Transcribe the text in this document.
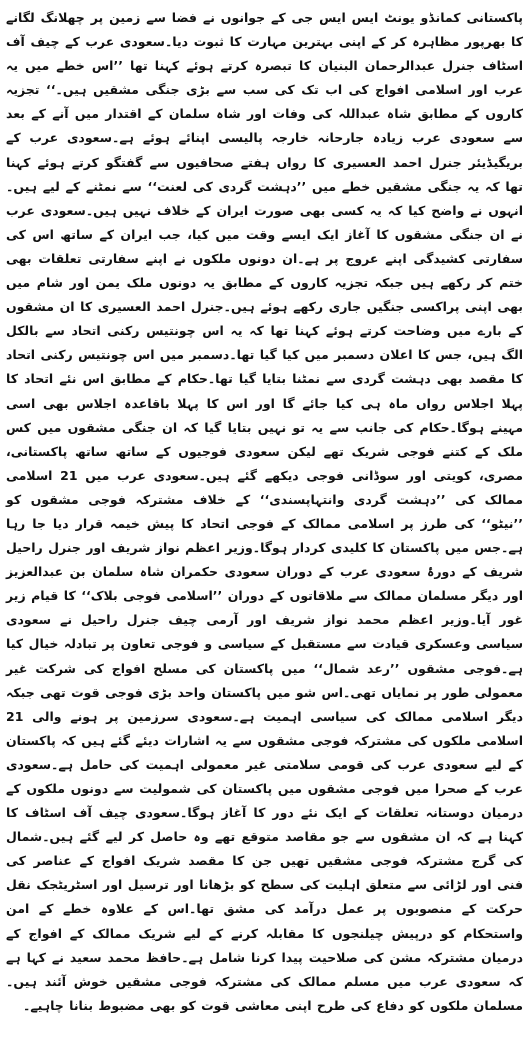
پاکستانی کمانڈو یونٹ ایس ایس جی کے جوانوں نے فضا سے زمین پر چھلانگ لگانے کا بھرپور مظاہرہ کر کے اپنی بہترین مہارت کا ثبوت دیا۔سعودی عرب کے چیف آف اسٹاف جنرل عبدالرحمان البنیان کا تبصرہ کرتے ہوئے کہنا تھا ’’اس خطے میں یہ عرب اور اسلامی افواج کی اب تک کی سب سے بڑی جنگی مشقیں ہیں۔‘‘ تجزیہ کاروں کے مطابق شاہ عبداللہ کی وفات اور شاہ سلمان کے اقتدار میں آنے کے بعد سے سعودی عرب زیادہ جارحانہ خارجہ پالیسی اپنائے ہوئے ہے۔سعودی عرب کے بریگیڈیئر جنرل احمد العسیری کا رواں ہفتے صحافیوں سے گفتگو کرتے ہوئے کہنا تھا کہ یہ جنگی مشقیں خطے میں ’’دہشت گردی کی لعنت‘‘ سے نمٹنے کے لیے ہیں۔انہوں نے واضح کیا کہ یہ کسی بھی صورت ایران کے خلاف نہیں ہیں۔سعودی عرب نے ان جنگی مشقوں کا آغاز ایک ایسے وقت میں کیا، جب ایران کے ساتھ اس کی سفارتی کشیدگی اپنے عروج پر ہے۔ان دونوں ملکوں نے اپنے سفارتی تعلقات بھی ختم کر رکھے ہیں جبکہ تجزیہ کاروں کے مطابق یہ دونوں ملک یمن اور شام میں بھی اپنی پراکسی جنگیں جاری رکھے ہوئے ہیں۔جنرل احمد العسیری کا ان مشقوں کے بارے میں وضاحت کرتے ہوئے کہنا تھا کہ یہ اس چونتیس رکنی اتحاد سے بالکل الگ ہیں، جس کا اعلان دسمبر میں کیا گیا تھا۔دسمبر میں اس چونتیس رکنی اتحاد کا مقصد بھی دہشت گردی سے نمٹنا بتایا گیا تھا۔حکام کے مطابق اس نئے اتحاد کا پہلا اجلاس رواں ماہ ہی کیا جائے گا اور اس کا پہلا باقاعدہ اجلاس بھی اسی مہینے ہوگا۔حکام کی جانب سے یہ تو نہیں بتایا گیا کہ ان جنگی مشقوں میں کس ملک کے کتنے فوجی شریک تھے لیکن سعودی فوجیوں کے ساتھ ساتھ پاکستانی، مصری، کویتی اور سوڈانی فوجی دیکھے گئے ہیں۔سعودی عرب میں 21 اسلامی ممالک کی ’’دہشت گردی وانتہاپسندی‘‘ کے خلاف مشترکہ فوجی مشقوں کو ’’نیٹو‘‘ کی طرز پر اسلامی ممالک کے فوجی اتحاد کا پیش خیمہ قرار دیا جا رہا ہے۔جس میں پاکستان کا کلیدی کردار ہوگا۔وزیر اعظم نواز شریف اور جنرل راحیل شریف کے دورۂ سعودی عرب کے دوران سعودی حکمران شاہ سلمان بن عبدالعزیز اور دیگر مسلمان ممالک سے ملاقاتوں کے دوران ’’اسلامی فوجی بلاک‘‘ کا قیام زیر غور آیا۔وزیر اعظم محمد نواز شریف اور آرمی چیف جنرل راحیل نے سعودی سیاسی وعسکری قیادت سے مستقبل کے سیاسی و فوجی تعاون پر تبادلہ خیال کیا ہے۔فوجی مشقوں ’’رعد شمال‘‘ میں پاکستان کی مسلح افواج کی شرکت غیر معمولی طور پر نمایاں تھی۔اس شو میں پاکستان واحد بڑی فوجی قوت تھی جبکہ دیگر اسلامی ممالک کی سیاسی اہمیت ہے۔سعودی سرزمین پر ہونے والی 21 اسلامی ملکوں کی مشترکہ فوجی مشقوں سے یہ اشارات دیئے گئے ہیں کہ پاکستان کے لیے سعودی عرب کی قومی سلامتی غیر معمولی اہمیت کی حامل ہے۔سعودی عرب کے صحرا میں فوجی مشقوں میں پاکستان کی شمولیت سے دونوں ملکوں کے درمیان دوستانہ تعلقات کے ایک نئے دور کا آغاز ہوگا۔سعودی چیف آف اسٹاف کا کہنا ہے کہ ان مشقوں سے جو مقاصد متوقع تھے وہ حاصل کر لیے گئے ہیں۔شمال کی گرج مشترکہ فوجی مشقیں تھیں جن کا مقصد شریک افواج کے عناصر کی فنی اور لڑائی سے متعلق اہلیت کی سطح کو بڑھانا اور ترسیل اور اسٹریٹجک نقل حرکت کے منصوبوں پر عمل درآمد کی مشق تھا۔اس کے علاوہ خطے کے امن واستحکام کو درپیش چیلنجوں کا مقابلہ کرنے کے لیے شریک ممالک کے افواج کے درمیان مشترکہ مشن کی صلاحیت پیدا کرنا شامل ہے۔حافظ محمد سعید نے کہا ہے کہ سعودی عرب میں مسلم ممالک کی مشترکہ فوجی مشقیں خوش آئند ہیں۔مسلمان ملکوں کو دفاع کی طرح اپنی معاشی قوت کو بھی مضبوط بنانا چاہیے۔
